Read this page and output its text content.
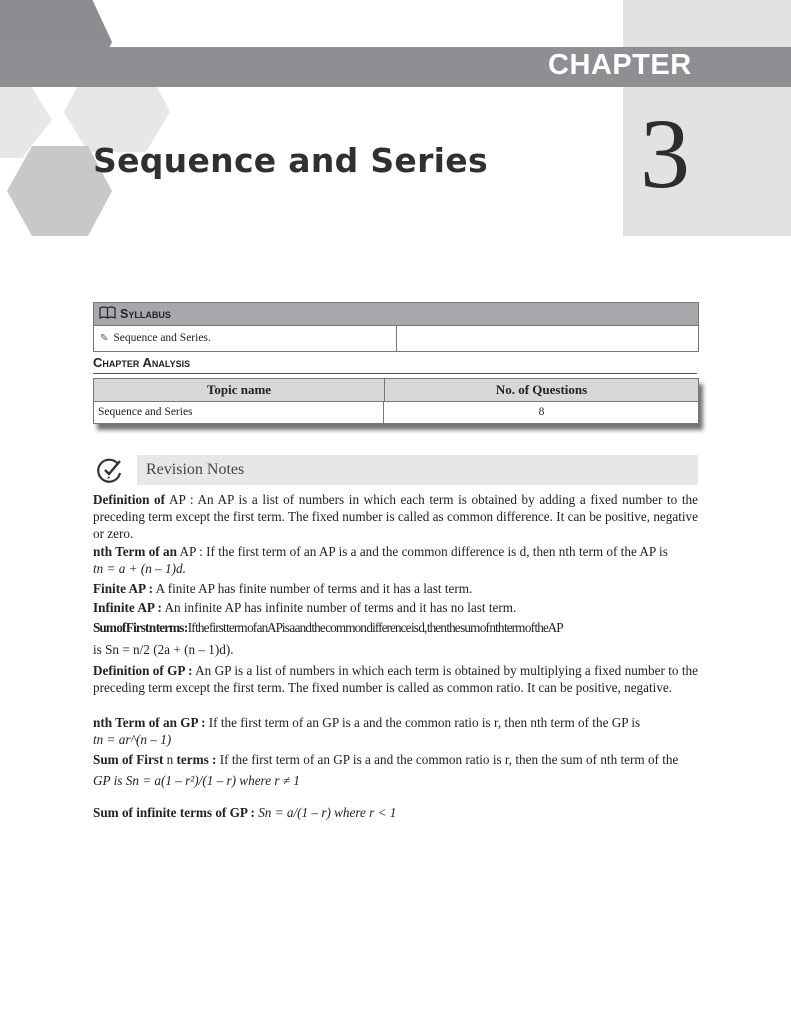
CHAPTER
3
Sequence and Series
Syllabus
✎ Sequence and Series.
Chapter Analysis
Topic name	No. of Questions
Sequence and Series	8
Revision Notes
Definition of AP : An AP is a list of numbers in which each term is obtained by adding a fixed number to the preceding term except the first term. The fixed number is called as common difference. It can be positive, negative or zero.
nth Term of an AP : If the first term of an AP is a and the common difference is d, then nth term of the AP is
tn = a + (n – 1)d.
Finite AP : A finite AP has finite number of terms and it has a last term.
Infinite AP : An infinite AP has infinite number of terms and it has no last term.
Sum of First n terms : If the first term of an AP is a and the common difference is d, then the sum of nth term of the AP
is Sn = n/2 (2a + (n – 1)d).
Definition of GP : An GP is a list of numbers in which each term is obtained by multiplying a fixed number to the preceding term except the first term. The fixed number is called as common ratio. It can be positive, negative.
nth Term of an GP : If the first term of an GP is a and the common ratio is r, then nth term of the GP is
tn = ar^(n – 1)
Sum of First n terms : If the first term of an GP is a and the common ratio is r, then the sum of nth term of the
GP is Sn = a(1 – r²)/(1 – r) where r ≠ 1
Sum of infinite terms of GP : Sn = a/(1 – r) where r < 1
